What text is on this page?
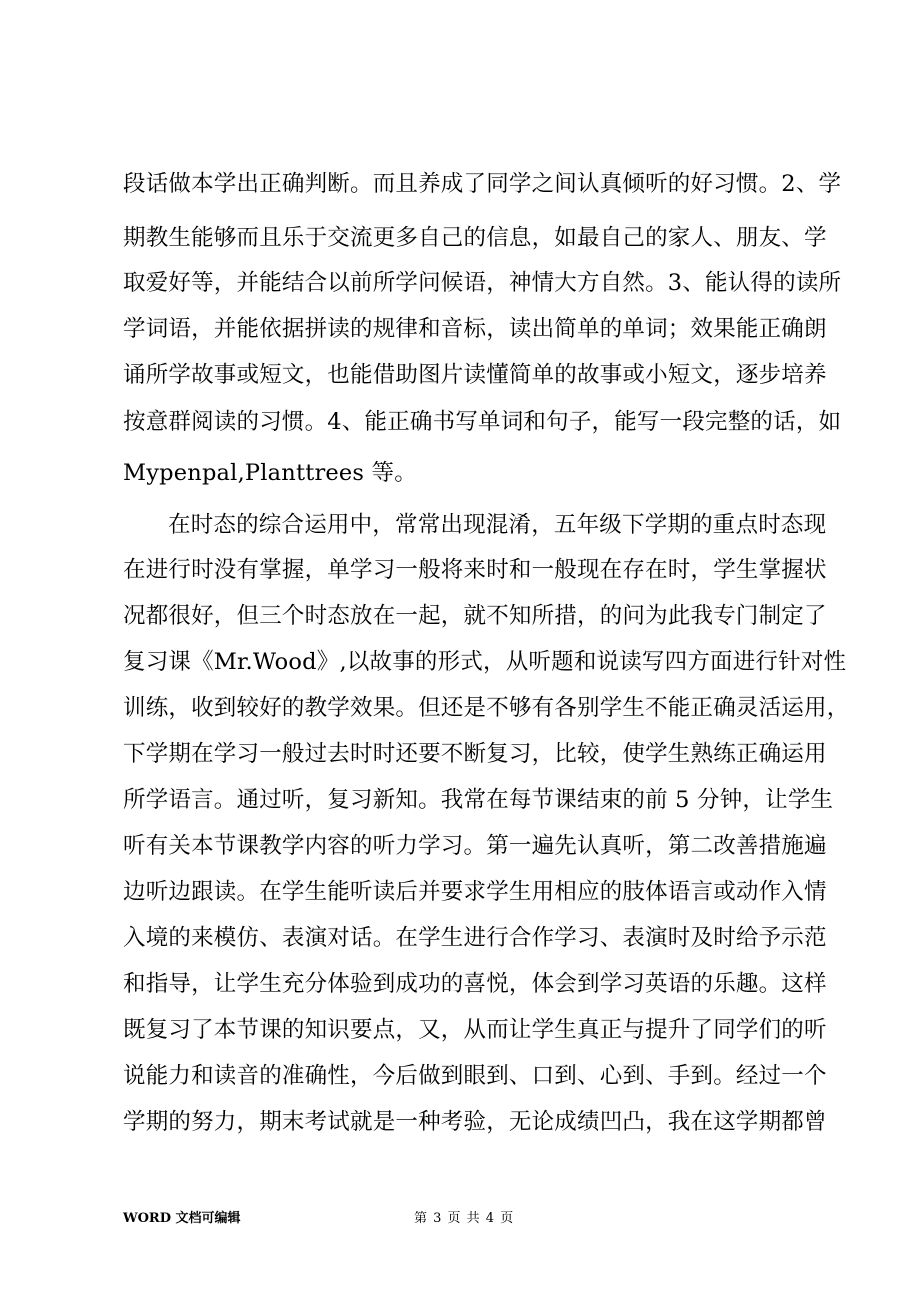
段话做本学出正确判断。而且养成了同学之间认真倾听的好习惯。2、学
期教生能够而且乐于交流更多自己的信息，如最自己的家人、朋友、学
取爱好等，并能结合以前所学问候语，神情大方自然。3、能认得的读所
学词语，并能依据拼读的规律和音标，读出简单的单词；效果能正确朗
诵所学故事或短文，也能借助图片读懂简单的故事或小短文，逐步培养
按意群阅读的习惯。4、能正确书写单词和句子，能写一段完整的话，如
Mypenpal,Planttrees 等。
在时态的综合运用中，常常出现混淆，五年级下学期的重点时态现
在进行时没有掌握，单学习一般将来时和一般现在存在时，学生掌握状
况都很好，但三个时态放在一起，就不知所措，的问为此我专门制定了
复习课《Mr.Wood》,以故事的形式，从听题和说读写四方面进行针对性
训练，收到较好的教学效果。但还是不够有各别学生不能正确灵活运用，
下学期在学习一般过去时时还要不断复习，比较，使学生熟练正确运用
所学语言。通过听，复习新知。我常在每节课结束的前 5 分钟，让学生
听有关本节课教学内容的听力学习。第一遍先认真听，第二改善措施遍
边听边跟读。在学生能听读后并要求学生用相应的肢体语言或动作入情
入境的来模仿、表演对话。在学生进行合作学习、表演时及时给予示范
和指导，让学生充分体验到成功的喜悦，体会到学习英语的乐趣。这样
既复习了本节课的知识要点，又，从而让学生真正与提升了同学们的听
说能力和读音的准确性，今后做到眼到、口到、心到、手到。经过一个
学期的努力，期末考试就是一种考验，无论成绩凹凸，我在这学期都曾
WORD 文档可编辑	第 3 页 共 4 页
